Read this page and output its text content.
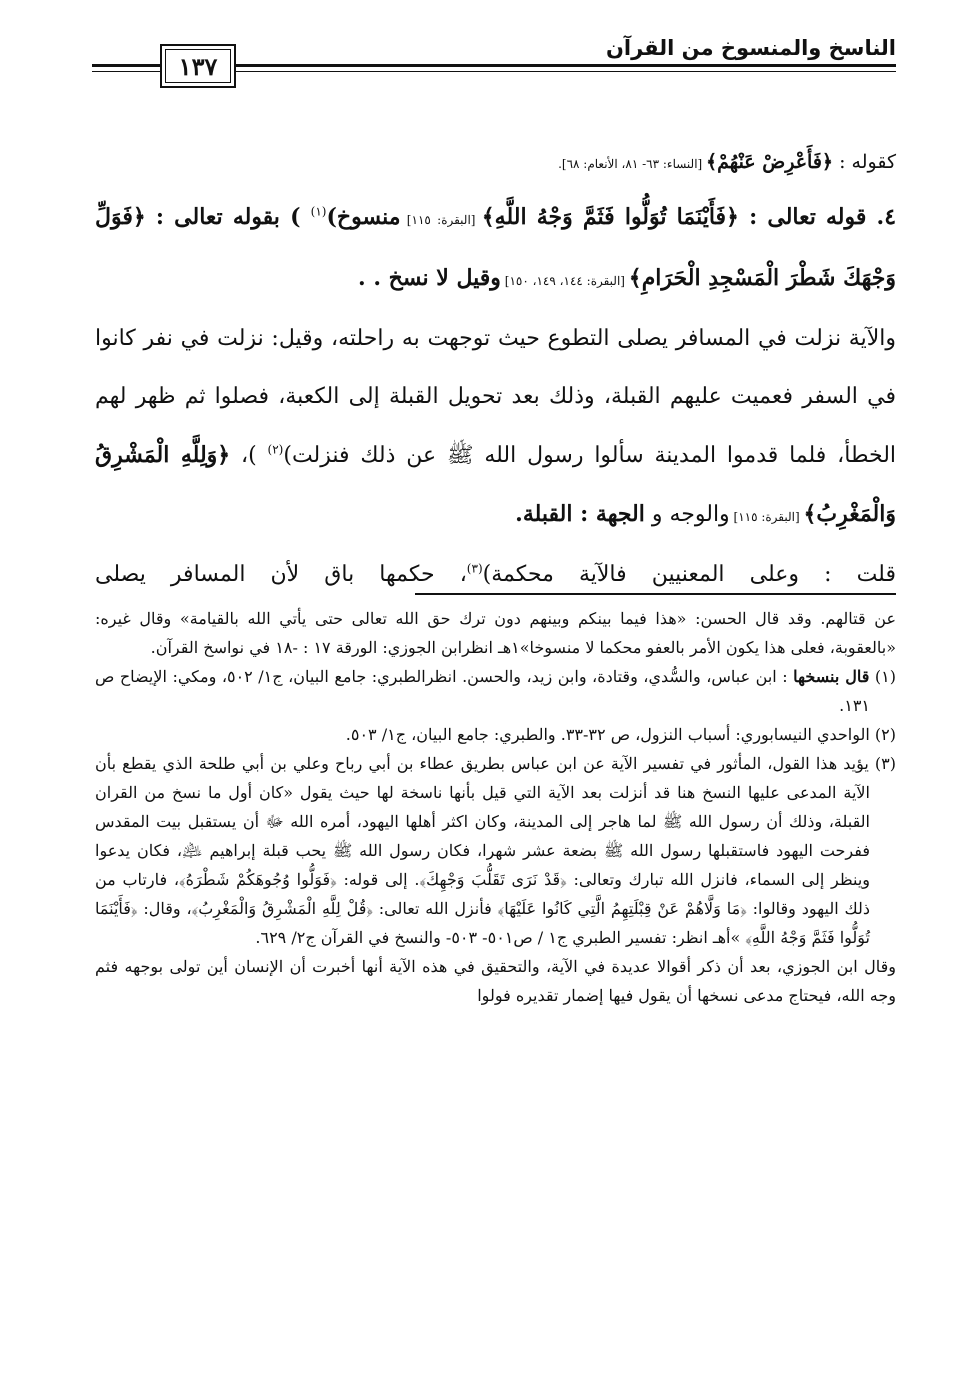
الناسخ والمنسوخ من القرآن
١٣٧

كقوله : ﴿فَأَعْرِضْ عَنْهُمْ﴾ [النساء: ٦٣- ٨١، الأنعام: ٦٨].

٤. قوله تعالى : ﴿فَأَيْنَمَا تُوَلُّوا فَثَمَّ وَجْهُ اللَّهِ﴾ [البقرة: ١١٥] منسوخ)$^{(١)}$ ) بقوله تعالى : ﴿فَوَلِّ وَجْهَكَ شَطْرَ الْمَسْجِدِ الْحَرَامِ﴾ [البقرة: ١٤٤، ١٤٩، ١٥٠] وقيل لا نسخ . .

والآية نزلت في المسافر يصلى التطوع حيث توجهت به راحلته، وقيل: نزلت في نفر كانوا في السفر فعميت عليهم القبلة، وذلك بعد تحويل القبلة إلى الكعبة، فصلوا ثم ظهر لهم الخطأ، فلما قدموا المدينة سألوا رسول الله ﷺ عن ذلك فنزلت)$^{(٢)}$ )، ﴿وَلِلَّهِ الْمَشْرِقُ وَالْمَغْرِبُ﴾ [البقرة: ١١٥] والوجه و الجهة : القبلة.

قلت : وعلى المعنيين فالآية محكمة)$^{(٣)}$، حكمها باق لأن المسافر يصلى

عن قتالهم. وقد قال الحسن: «هذا فيما بينكم وبينهم دون ترك حق الله تعالى حتى يأتي الله بالقيامة» وقال غيره: «بالعقوبة، فعلى هذا يكون الأمر بالعفو محكما لا منسوخا»١هـ انظرابن الجوزي: الورقة ١٧ : -١٨ في نواسخ القرآن.

(١) قال بنسخها : ابن عباس، والسُّدي، وقتادة، وابن زيد، والحسن. انظرالطبري: جامع البيان، ج١/ ٥٠٢، ومكي: الإيضاح ص ١٣١.

(٢) الواحدي النيسابوري: أسباب النزول، ص ٣٢-٣٣. والطبري: جامع البيان، ج١/ ٥٠٣.

(٣) يؤيد هذا القول، المأثور في تفسير الآية عن ابن عباس بطريق عطاء بن أبي رباح وعلي بن أبي طلحة الذي يقطع بأن الآية المدعى عليها النسخ هنا قد أنزلت بعد الآية التي قيل بأنها ناسخة لها حيث يقول «كان أول ما نسخ من القران القبلة، وذلك أن رسول الله ﷺ لما هاجر إلى المدينة، وكان اكثر أهلها اليهود، أمره الله ﷻ أن يستقبل بيت المقدس ففرحت اليهود فاستقبلها رسول الله ﷺ بضعة عشر شهرا، فكان رسول الله ﷺ يحب قبلة إبراهيم ﵇، فكان يدعوا وينظر إلى السماء، فانزل الله تبارك وتعالى: ﴿قَدْ نَرَى تَقَلُّبَ وَجْهِكَ﴾. إلى قوله: ﴿فَوَلُّوا وُجُوهَكُمْ شَطْرَهُ﴾، فارتاب من ذلك اليهود وقالوا: ﴿مَا وَلَّاهُمْ عَنْ قِبْلَتِهِمُ الَّتِي كَانُوا عَلَيْهَا﴾ فأنزل الله تعالى: ﴿قُلْ لِلَّهِ الْمَشْرِقُ وَالْمَغْرِبُ﴾، وقال: ﴿فَأَيْنَمَا تُوَلُّوا فَثَمَّ وَجْهُ اللَّهِ﴾ »أهـ انظر: تفسير الطبري ج١ / ص٥٠١- ٥٠٣- والنسخ في القرآن ج٢/ ٦٢٩.

وقال ابن الجوزي، بعد أن ذكر أقوالا عديدة في الآية، والتحقيق في هذه الآية أنها أخبرت أن الإنسان أين تولى بوجهه فثم وجه الله، فيحتاج مدعى نسخها أن يقول فيها إضمار تقديره فولوا
